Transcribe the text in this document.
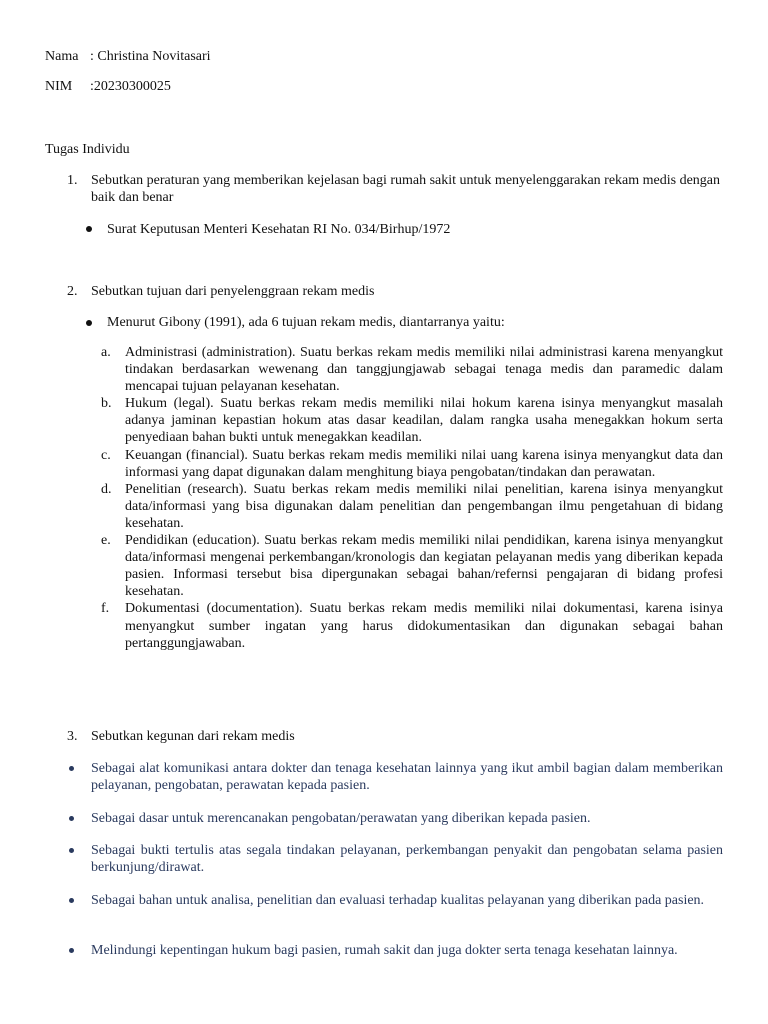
Nama : Christina Novitasari
NIM :20230300025
Tugas Individu
1. Sebutkan peraturan yang memberikan kejelasan bagi rumah sakit untuk menyelenggarakan rekam medis dengan baik dan benar
Surat Keputusan Menteri Kesehatan RI No. 034/Birhup/1972
2. Sebutkan tujuan dari penyelenggraan rekam medis
Menurut Gibony (1991), ada 6 tujuan rekam medis, diantarranya yaitu:
a. Administrasi (administration). Suatu berkas rekam medis memiliki nilai administrasi karena menyangkut tindakan berdasarkan wewenang dan tanggjungjawab sebagai tenaga medis dan paramedic dalam mencapai tujuan pelayanan kesehatan.
b. Hukum (legal). Suatu berkas rekam medis memiliki nilai hokum karena isinya menyangkut masalah adanya jaminan kepastian hokum atas dasar keadilan, dalam rangka usaha menegakkan hokum serta penyediaan bahan bukti untuk menegakkan keadilan.
c. Keuangan (financial). Suatu berkas rekam medis memiliki nilai uang karena isinya menyangkut data dan informasi yang dapat digunakan dalam menghitung biaya pengobatan/tindakan dan perawatan.
d. Penelitian (research). Suatu berkas rekam medis memiliki nilai penelitian, karena isinya menyangkut data/informasi yang bisa digunakan dalam penelitian dan pengembangan ilmu pengetahuan di bidang kesehatan.
e. Pendidikan (education). Suatu berkas rekam medis memiliki nilai pendidikan, karena isinya menyangkut data/informasi mengenai perkembangan/kronologis dan kegiatan pelayanan medis yang diberikan kepada pasien. Informasi tersebut bisa dipergunakan sebagai bahan/refernsi pengajaran di bidang profesi kesehatan.
f. Dokumentasi (documentation). Suatu berkas rekam medis memiliki nilai dokumentasi, karena isinya menyangkut sumber ingatan yang harus didokumentasikan dan digunakan sebagai bahan pertanggungjawaban.
3. Sebutkan kegunan dari rekam medis
Sebagai alat komunikasi antara dokter dan tenaga kesehatan lainnya yang ikut ambil bagian dalam memberikan pelayanan, pengobatan, perawatan kepada pasien.
Sebagai dasar untuk merencanakan pengobatan/perawatan yang diberikan kepada pasien.
Sebagai bukti tertulis atas segala tindakan pelayanan, perkembangan penyakit dan pengobatan selama pasien berkunjung/dirawat.
Sebagai bahan untuk analisa, penelitian dan evaluasi terhadap kualitas pelayanan yang diberikan pada pasien.
Melindungi kepentingan hukum bagi pasien, rumah sakit dan juga dokter serta tenaga kesehatan lainnya.
